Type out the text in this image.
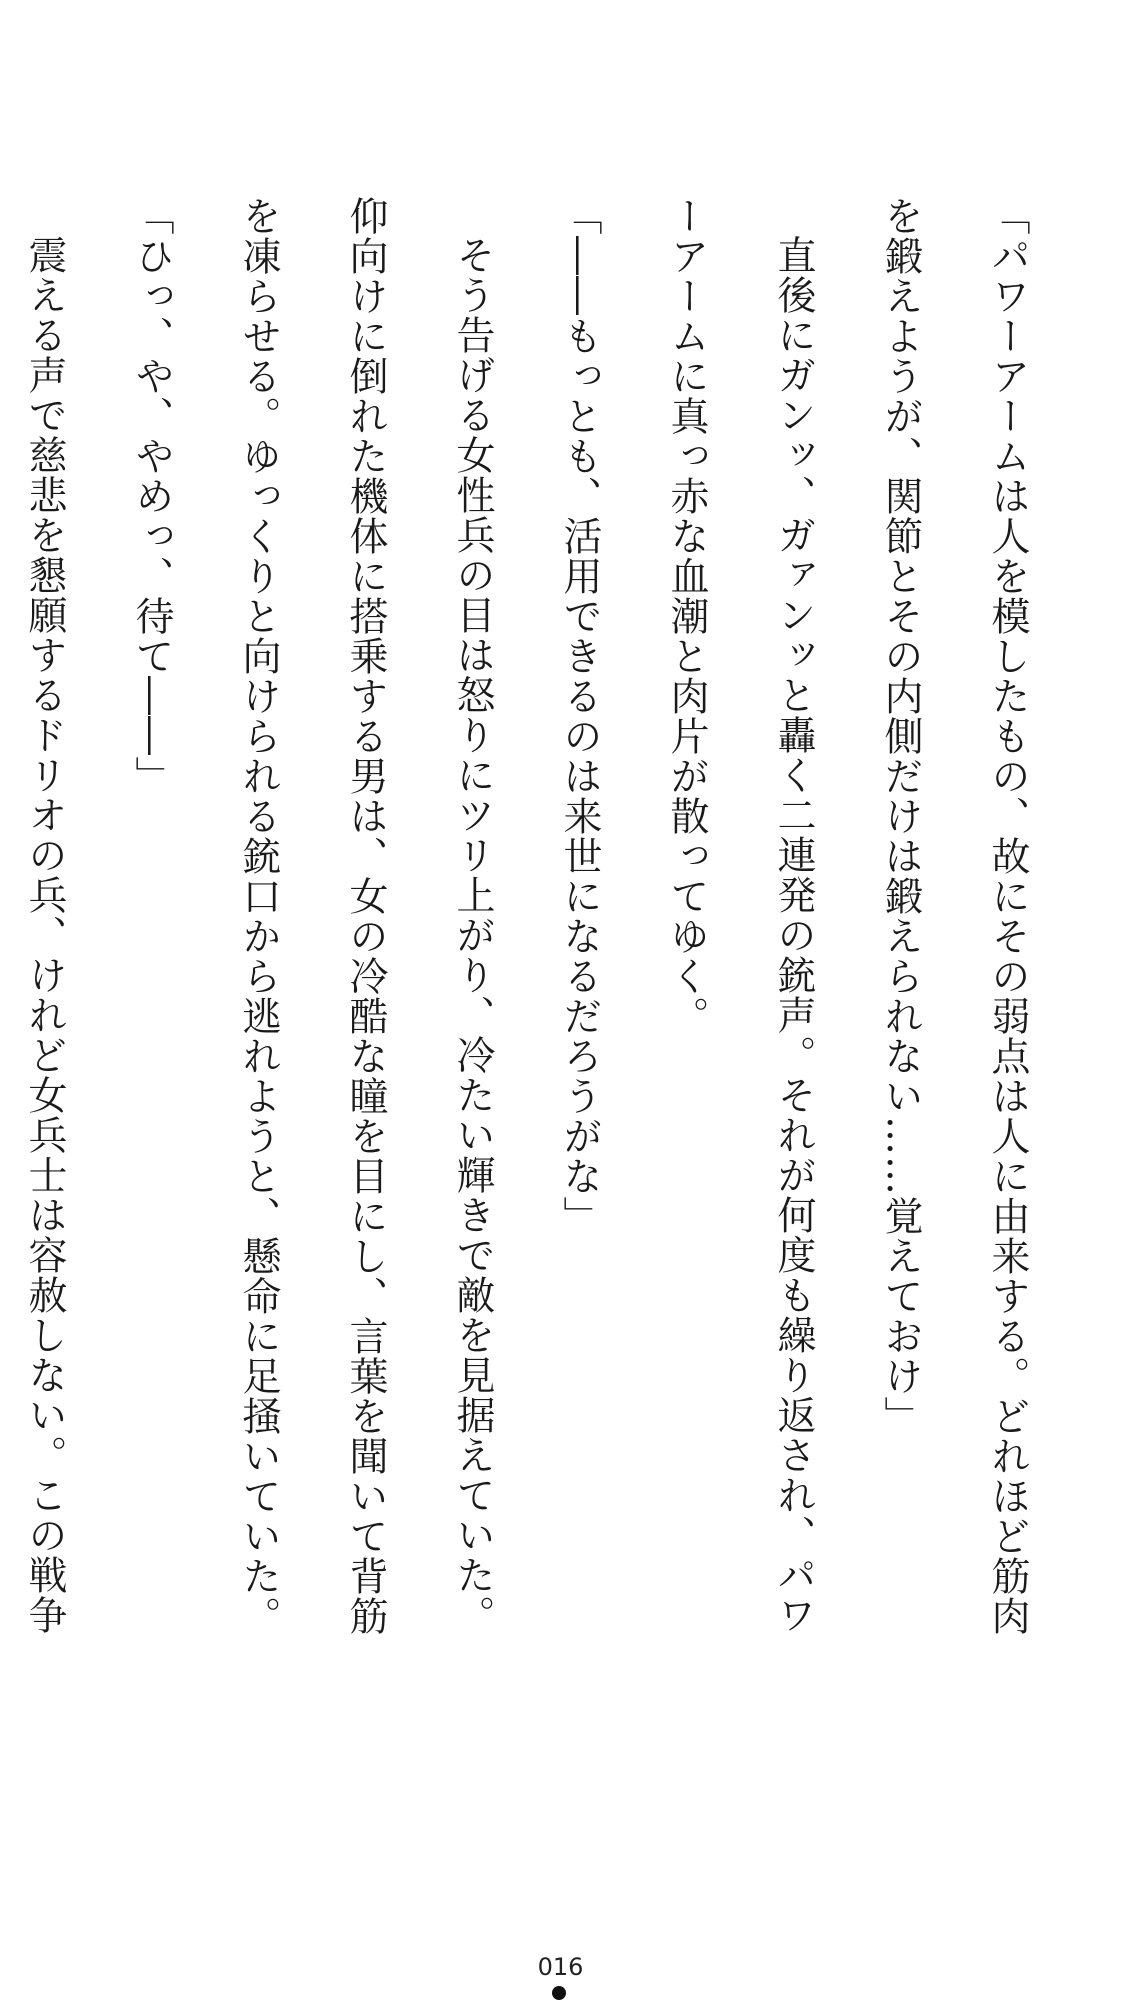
「パワーアームは人を模したもの、故にその弱点は人に由来する。どれほど筋肉を鍛えようが、関節とその内側だけは鍛えられない……覚えておけ」

直後にガンッ、ガァンッと轟く二連発の銃声。それが何度も繰り返され、パワーアームに真っ赤な血潮と肉片が散ってゆく。

「――もっとも、活用できるのは来世になるだろうがな」

そう告げる女性兵の目は怒りにツリ上がり、冷たい輝きで敵を見据えていた。仰向けに倒れた機体に搭乗する男は、女の冷酷な瞳を目にし、言葉を聞いて背筋を凍らせる。ゆっくりと向けられる銃口から逃れようと、懸命に足掻いていた。

「ひっ、や、やめっ、待て――」

震える声で慈悲を懇願するドリオの兵、けれど女兵士は容赦しない。この戦争

016
